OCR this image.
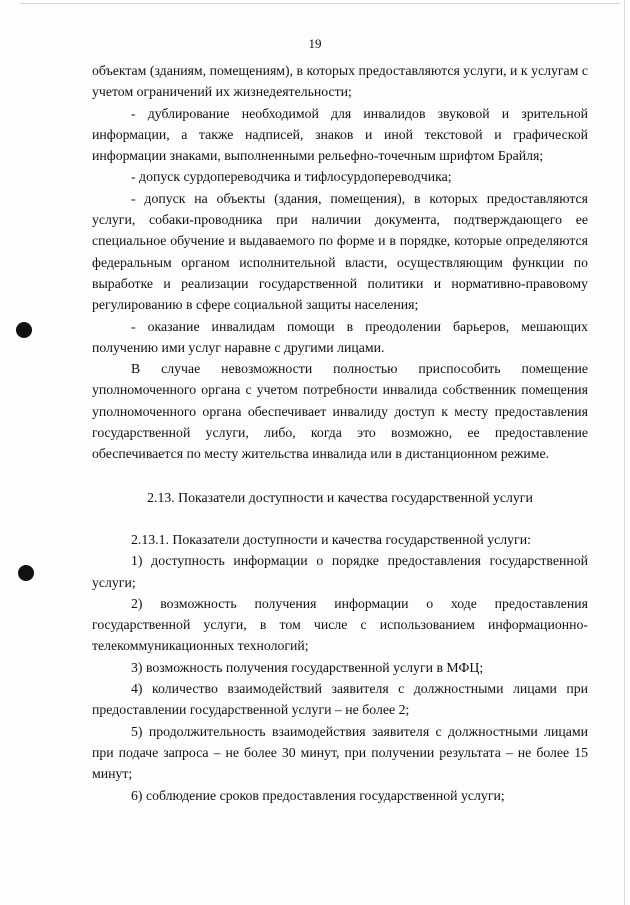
19

объектам (зданиям, помещениям), в которых предоставляются услуги, и к услугам с учетом ограничений их жизнедеятельности;

- дублирование необходимой для инвалидов звуковой и зрительной информации, а также надписей, знаков и иной текстовой и графической информации знаками, выполненными рельефно-точечным шрифтом Брайля;

- допуск сурдопереводчика и тифлосурдопереводчика;

- допуск на объекты (здания, помещения), в которых предоставляются услуги, собаки-проводника при наличии документа, подтверждающего ее специальное обучение и выдаваемого по форме и в порядке, которые определяются федеральным органом исполнительной власти, осуществляющим функции по выработке и реализации государственной политики и нормативно-правовому регулированию в сфере социальной защиты населения;

- оказание инвалидам помощи в преодолении барьеров, мешающих получению ими услуг наравне с другими лицами.

В случае невозможности полностью приспособить помещение уполномоченного органа с учетом потребности инвалида собственник помещения уполномоченного органа обеспечивает инвалиду доступ к месту предоставления государственной услуги, либо, когда это возможно, ее предоставление обеспечивается по месту жительства инвалида или в дистанционном режиме.

2.13. Показатели доступности и качества государственной услуги

2.13.1. Показатели доступности и качества государственной услуги:

1) доступность информации о порядке предоставления государственной услуги;

2) возможность получения информации о ходе предоставления государственной услуги, в том числе с использованием информационно-телекоммуникационных технологий;

3) возможность получения государственной услуги в МФЦ;

4) количество взаимодействий заявителя с должностными лицами при предоставлении государственной услуги – не более 2;

5) продолжительность взаимодействия заявителя с должностными лицами при подаче запроса – не более 30 минут, при получении результата – не более 15 минут;

6) соблюдение сроков предоставления государственной услуги;
